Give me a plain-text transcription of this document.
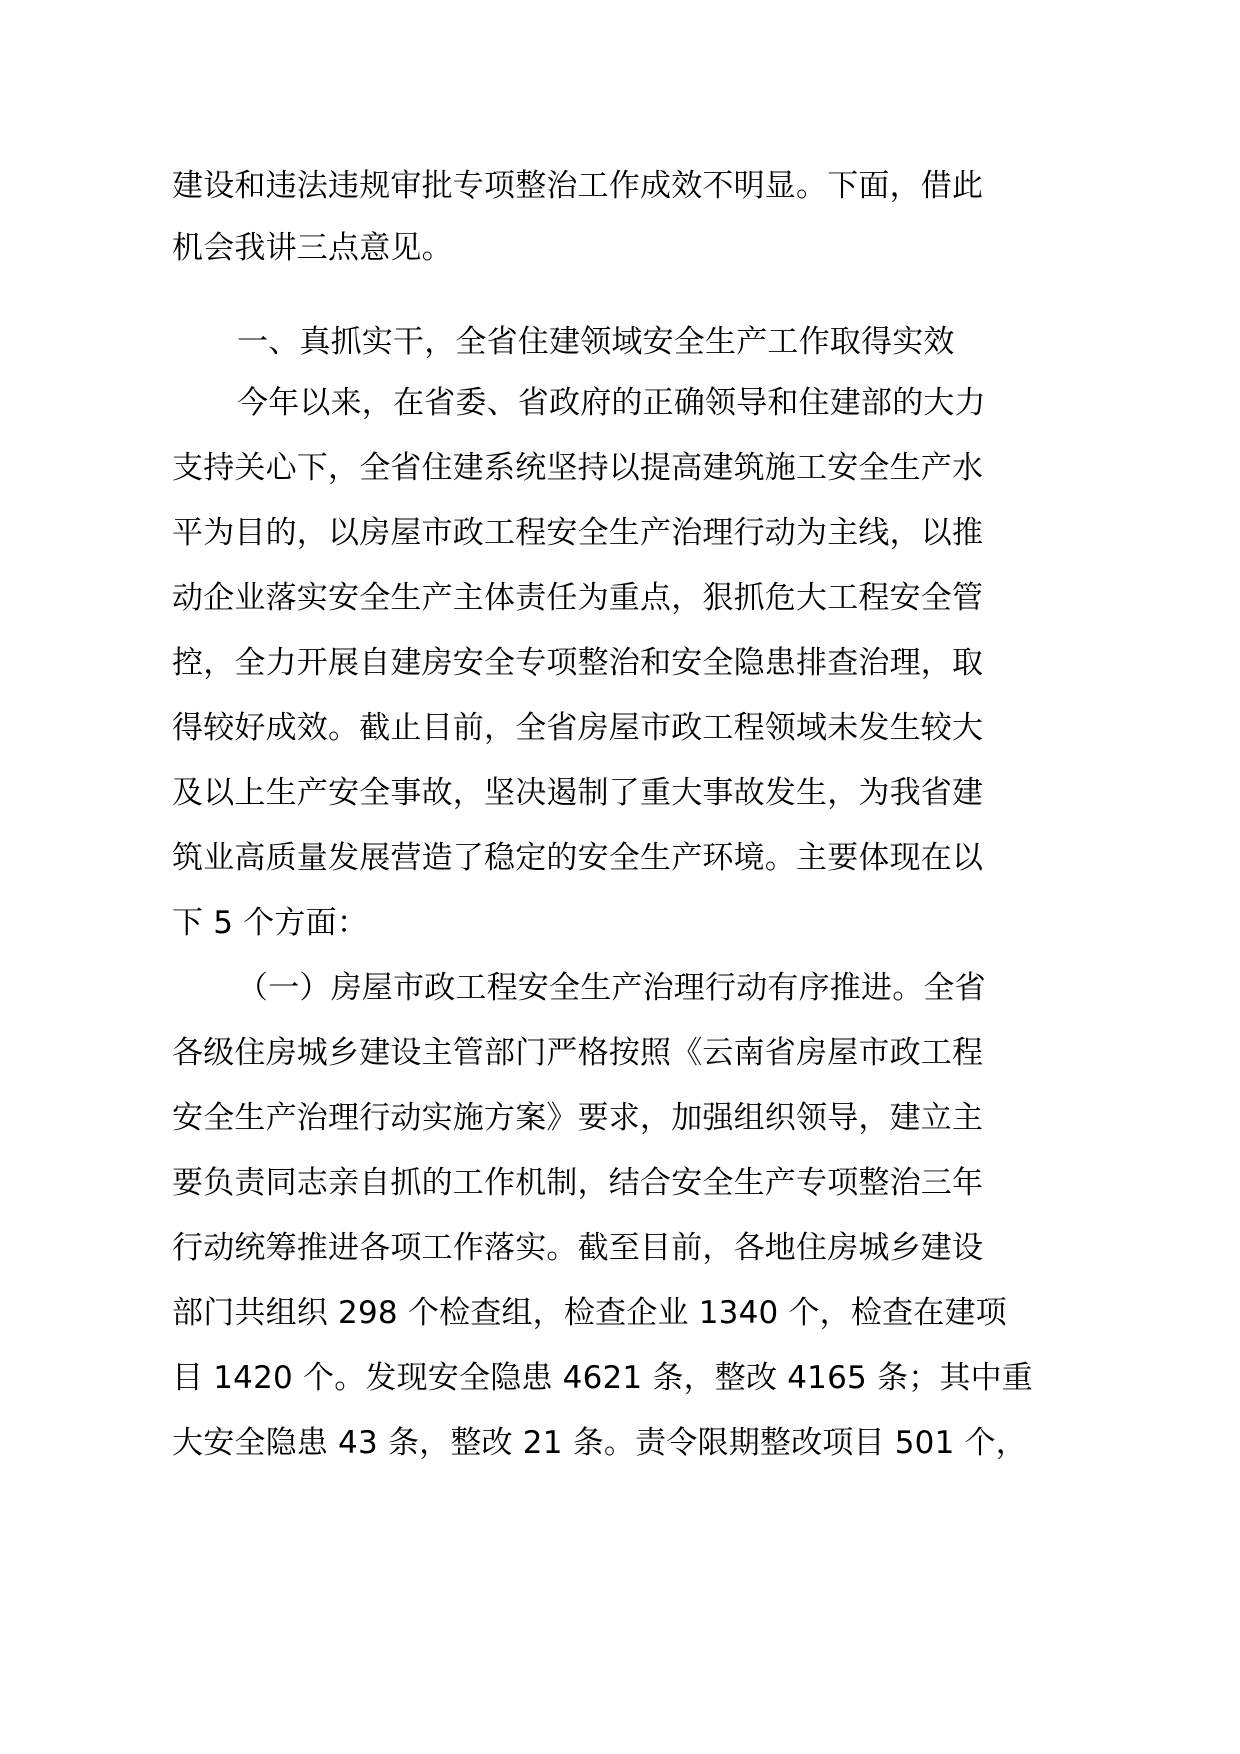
建设和违法违规审批专项整治工作成效不明显。下面，借此
机会我讲三点意见。
一、真抓实干，全省住建领域安全生产工作取得实效
今年以来，在省委、省政府的正确领导和住建部的大力
支持关心下，全省住建系统坚持以提高建筑施工安全生产水
平为目的，以房屋市政工程安全生产治理行动为主线，以推
动企业落实安全生产主体责任为重点，狠抓危大工程安全管
控，全力开展自建房安全专项整治和安全隐患排查治理，取
得较好成效。截止目前，全省房屋市政工程领域未发生较大
及以上生产安全事故，坚决遏制了重大事故发生，为我省建
筑业高质量发展营造了稳定的安全生产环境。主要体现在以
下 5 个方面：
（一）房屋市政工程安全生产治理行动有序推进。全省
各级住房城乡建设主管部门严格按照《云南省房屋市政工程
安全生产治理行动实施方案》要求，加强组织领导，建立主
要负责同志亲自抓的工作机制，结合安全生产专项整治三年
行动统筹推进各项工作落实。截至目前，各地住房城乡建设
部门共组织 298 个检查组，检查企业 1340 个，检查在建项
目 1420 个。发现安全隐患 4621 条，整改 4165 条；其中重
大安全隐患 43 条，整改 21 条。责令限期整改项目 501 个，
